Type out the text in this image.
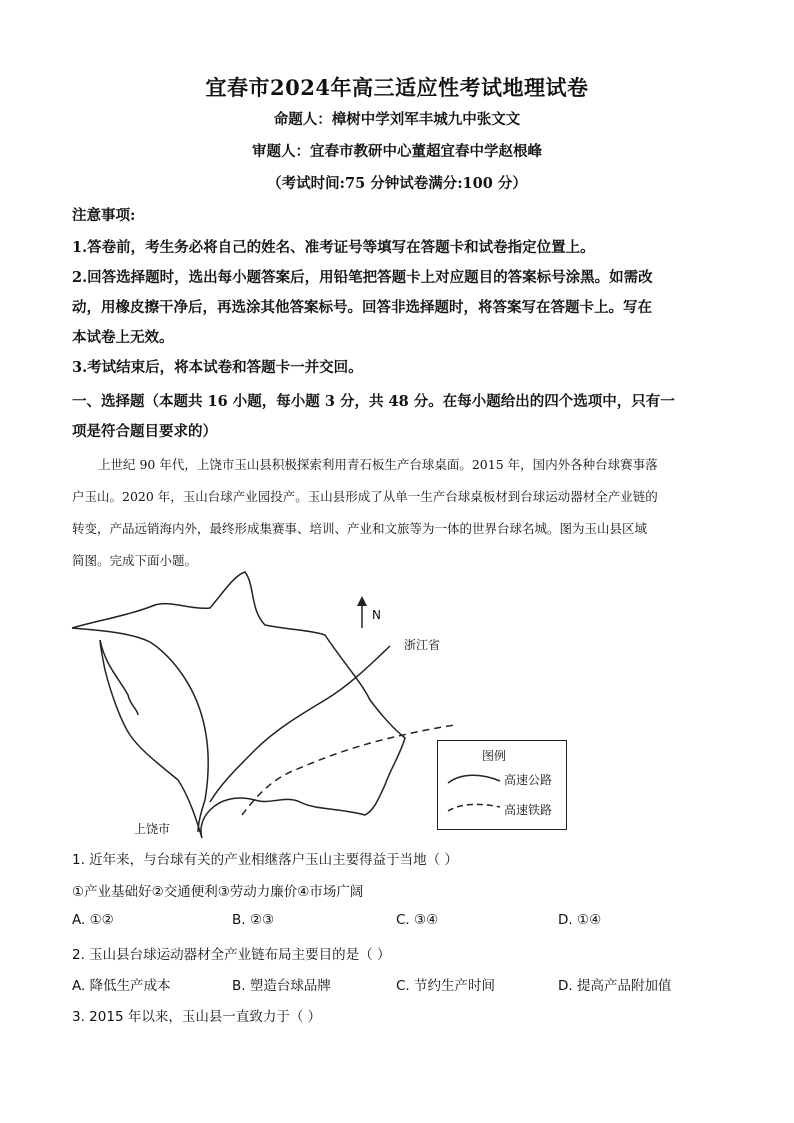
宜春市2024年高三适应性考试地理试卷
命题人：樟树中学刘军丰城九中张文文
审题人：宜春市教研中心董超宜春中学赵根峰
（考试时间:75 分钟试卷满分:100 分）
注意事项:
1.答卷前，考生务必将自己的姓名、准考证号等填写在答题卡和试卷指定位置上。
2.回答选择题时，选出每小题答案后，用铅笔把答题卡上对应题目的答案标号涂黑。如需改
动，用橡皮擦干净后，再选涂其他答案标号。回答非选择题时，将答案写在答题卡上。写在
本试卷上无效。
3.考试结束后，将本试卷和答题卡一并交回。
一、选择题（本题共 16 小题，每小题 3 分，共 48 分。在每小题给出的四个选项中，只有一
项是符合题目要求的）
上世纪 90 年代，上饶市玉山县积极探索利用青石板生产台球桌面。2015 年，国内外各种台球赛事落
户玉山。2020 年，玉山台球产业园投产。玉山县形成了从单一生产台球桌板材到台球运动器材全产业链的
转变，产品远销海内外，最终形成集赛事、培训、产业和文旅等为一体的世界台球名城。图为玉山县区域
简图。完成下面小题。
N
浙江省
上饶市
图例
高速公路
高速铁路
1. 近年来，与台球有关的产业相继落户玉山主要得益于当地（ ）
①产业基础好②交通便利③劳动力廉价④市场广阔
A. ①②	B. ②③	C. ③④	D. ①④
2. 玉山县台球运动器材全产业链布局主要目的是（ ）
A. 降低生产成本	B. 塑造台球品牌	C. 节约生产时间	D. 提高产品附加值
3. 2015 年以来，玉山县一直致力于（ ）
